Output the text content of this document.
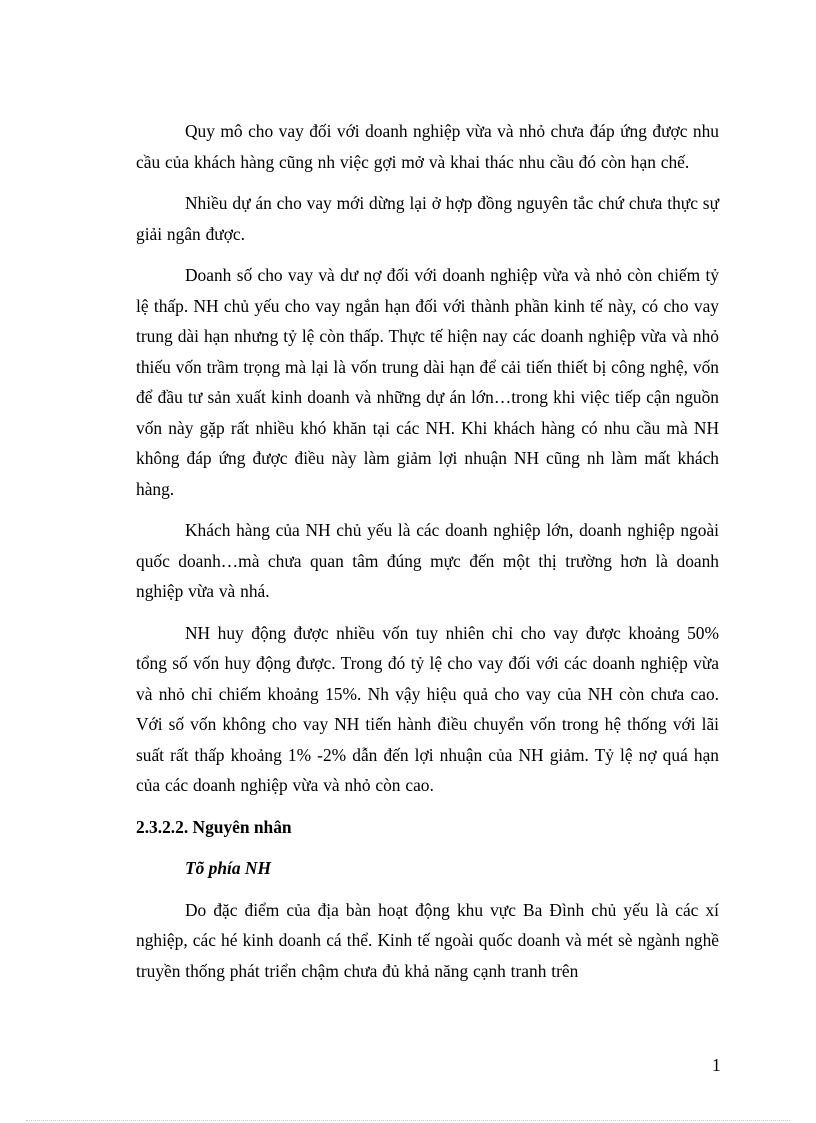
Quy mô cho vay đối với doanh nghiệp vừa và nhỏ chưa đáp ứng được nhu cầu của khách hàng cũng nh việc gợi mở và khai thác nhu cầu đó còn hạn chế.

Nhiều dự án cho vay mới dừng lại ở hợp đồng nguyên tắc chứ chưa thực sự giải ngân được.

Doanh số cho vay và dư nợ đối với doanh nghiệp vừa và nhỏ còn chiếm tỷ lệ thấp. NH chủ yếu cho vay ngắn hạn đối với thành phần kinh tế này, có cho vay trung dài hạn nhưng tỷ lệ còn thấp. Thực tế hiện nay các doanh nghiệp vừa và nhỏ thiếu vốn trầm trọng mà lại là vốn trung dài hạn để cải tiến thiết bị công nghệ, vốn để đầu tư sản xuất kinh doanh và những dự án lớn…trong khi việc tiếp cận nguồn vốn này gặp rất nhiều khó khăn tại các NH. Khi khách hàng có nhu cầu mà NH không đáp ứng được điều này làm giảm lợi nhuận NH cũng nh làm mất khách hàng.

Khách hàng của NH chủ yếu là các doanh nghiệp lớn, doanh nghiệp ngoài quốc doanh…mà chưa quan tâm đúng mực đến một thị trường hơn là doanh nghiệp vừa và nhá.

NH huy động được nhiều vốn tuy nhiên chỉ cho vay được khoảng 50% tổng số vốn huy động được. Trong đó tỷ lệ cho vay đối với các doanh nghiệp vừa và nhỏ chỉ chiếm khoảng 15%. Nh vậy hiệu quả cho vay của NH còn chưa cao. Với số vốn không cho vay NH tiến hành điều chuyển vốn trong hệ thống với lãi suất rất thấp khoảng 1% -2% dẫn đến lợi nhuận của NH giảm. Tỷ lệ nợ quá hạn của các doanh nghiệp vừa và nhỏ còn cao.

2.3.2.2. Nguyên nhân

Tõ phía NH

Do đặc điểm của địa bàn hoạt động khu vực Ba Đình chủ yếu là các xí nghiệp, các hé kinh doanh cá thể. Kinh tế ngoài quốc doanh và mét sè ngành nghề truyền thống phát triển chậm chưa đủ khả năng cạnh tranh trên

1
